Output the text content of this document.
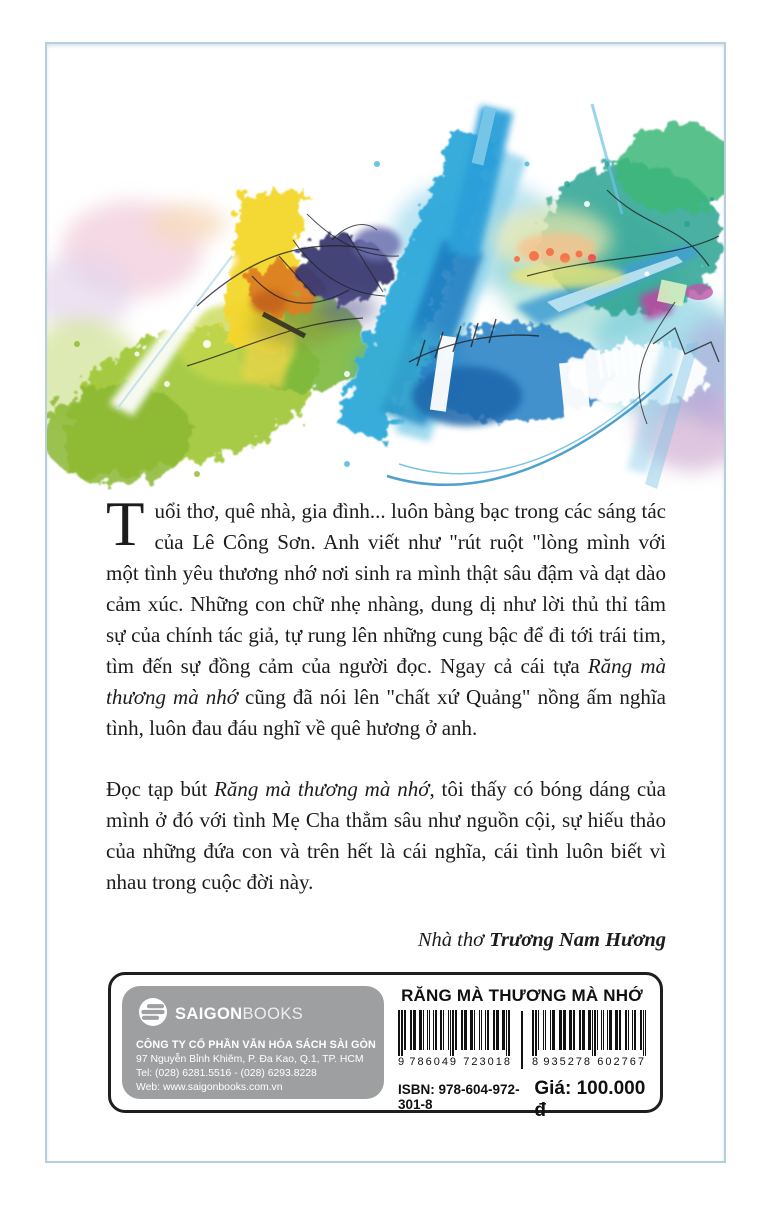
Tuổi thơ, quê nhà, gia đình... luôn bàng bạc trong các sáng tác của Lê Công Sơn. Anh viết như "rút ruột "lòng mình với một tình yêu thương nhớ nơi sinh ra mình thật sâu đậm và dạt dào cảm xúc. Những con chữ nhẹ nhàng, dung dị như lời thủ thỉ tâm sự của chính tác giả, tự rung lên những cung bậc để đi tới trái tim, tìm đến sự đồng cảm của người đọc. Ngay cả cái tựa Răng mà thương mà nhớ cũng đã nói lên "chất xứ Quảng" nồng ấm nghĩa tình, luôn đau đáu nghĩ về quê hương ở anh.

Đọc tạp bút Răng mà thương mà nhớ, tôi thấy có bóng dáng của mình ở đó với tình Mẹ Cha thẳm sâu như nguồn cội, sự hiếu thảo của những đứa con và trên hết là cái nghĩa, cái tình luôn biết vì nhau trong cuộc đời này.

Nhà thơ Trương Nam Hương

SAIGONBOOKS
CÔNG TY CỔ PHẦN VĂN HÓA SÁCH SÀI GÒN
97 Nguyễn Bỉnh Khiêm, P. Đa Kao, Q.1, TP. HCM
Tel: (028) 6281.5516 - (028) 6293.8228
Web: www.saigonbooks.com.vn
RĂNG MÀ THƯƠNG MÀ NHỚ
9 786049 723018 8 935278 602767
ISBN: 978-604-972-301-8
Giá: 100.000 đ
